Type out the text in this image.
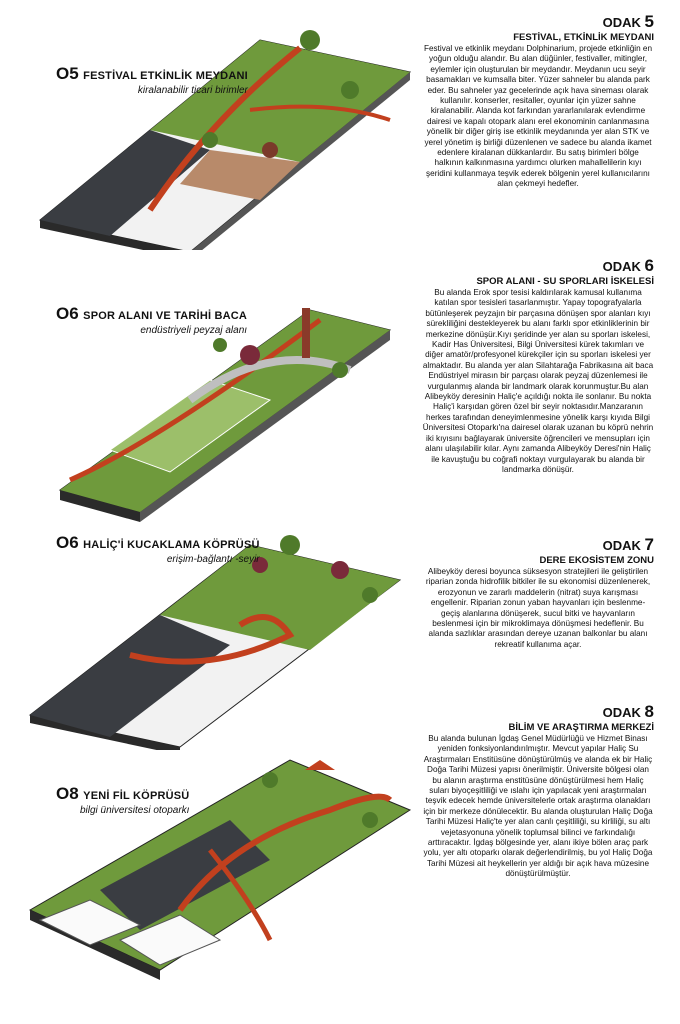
O5 FESTİVAL ETKİNLİK MEYDANI
kiralanabilir ticari birimler
ODAK 5
FESTİVAL, ETKİNLİK MEYDANI
Festival ve etkinlik meydanı Dolphinarium, projede etkinliğin en yoğun olduğu alandır. Bu alan düğünler, festivaller, mitingler, eylemler için oluşturulan bir meydandır. Meydanın ucu seyir basamakları ve kumsalla biter. Yüzer sahneler bu alanda park eder. Bu sahneler yaz gecelerinde açık hava sineması olarak kullanılır. konserler, resitaller, oyunlar için yüzer sahne kiralanabilir. Alanda kot farkından yararlanılarak evlendirme dairesi ve kapalı otopark alanı erel ekonominin canlanmasına yönelik bir diğer giriş ise etkinlik meydanında yer alan STK ve yerel yönetim iş birliği düzenlenen ve sadece bu alanda ikamet edenlere kiralanan dükkanlardır. Bu satış birimleri bölge halkının kalkınmasına yardımcı olurken mahallelilerin kıyı şeridini kullanmaya teşvik ederek bölgenin yerel kullanıcılarını alan çekmeyi hedefler.
O6 SPOR ALANI VE TARİHİ BACA
endüstriyeli peyzaj alanı
ODAK 6
SPOR ALANI - SU SPORLARI İSKELESİ
Bu alanda Erok spor tesisi kaldırılarak kamusal kullanıma katılan spor tesisleri tasarlanmıştır. Yapay topografyalarla bütünleşerek peyzajın bir parçasına dönüşen spor alanları kıyı sürekliliğini destekleyerek bu alanı farklı spor etkinliklerinin bir merkezine dönüşür.Kıyı şeridinde yer alan su sporları iskelesi, Kadir Has Üniversitesi, Bilgi Üniversitesi kürek takımları ve diğer amatör/profesyonel kürekçiler için su sporları iskelesi yer almaktadır. Bu alanda yer alan Silahtarağa Fabrikasına ait baca Endüstriyel mirasın bir parçası olarak peyzaj düzenlemesi ile vurgulanmış alanda bir landmark olarak korunmuştur.Bu alan Alibeyköy deresinin Haliç'e açıldığı nokta ile sonlanır. Bu nokta Haliç'i karşıdan gören özel bir seyir noktasıdır.Manzaranın herkes tarafından deneyimlenmesine yönelik karşı kıyıda Bilgi Üniversitesi Otoparkı'na dairesel olarak uzanan bu köprü nehrin iki kıyısını bağlayarak üniversite öğrencileri ve mensupları için alanı ulaşılabilir kılar. Aynı zamanda Alibeyköy Deresi'nin Haliç ile kavuştuğu bu coğrafi noktayı vurgulayarak bu alanda bir landmarka dönüşür.
O6 HALİÇ'İ KUCAKLAMA KÖPRÜSÜ
erişim-bağlantı -seyir
ODAK 7
DERE EKOSİSTEM ZONU
Alibeyköy deresi boyunca süksesyon stratejileri ile geliştirilen riparian zonda hidrofilik bitkiler ile su ekonomisi düzenlenerek, erozyonun ve zararlı maddelerin (nitrat) suya karışması engellenir. Riparian zonun yaban hayvanları için beslenme-geçiş alanlarına dönüşerek, sucul bitki ve hayvanların beslenmesi için bir mikroklimaya dönüşmesi hedeflenir. Bu alanda sazlıklar arasından dereye uzanan balkonlar bu alanı rekreatif kullanıma açar.
O8 YENİ FİL KÖPRÜSÜ
bilgi üniversitesi otoparkı
ODAK 8
BİLİM VE ARAŞTIRMA MERKEZİ
Bu alanda bulunan İgdaş Genel Müdürlüğü ve Hizmet Binası yeniden fonksiyonlandırılmıştır. Mevcut yapılar Haliç Su Araştırmaları Enstitüsüne dönüştürülmüş ve alanda ek bir Haliç Doğa Tarihi Müzesi yapısı önerilmiştir. Üniversite bölgesi olan bu alanın araştırma enstitüsüne dönüştürülmesi hem Haliç suları biyoçeşitliliği ve ıslahı için yapılacak yeni araştırmaları teşvik edecek hemde üniversitelerle ortak araştırma olanakları için bir merkeze dönülecektir. Bu alanda oluşturulan Haliç Doğa Tarihi Müzesi Haliç'te yer alan canlı çeşitliliği, su kirliliği, su altı vejetasyonuna yönelik toplumsal bilinci ve farkındalığı arttıracaktır. İgdaş bölgesinde yer, alanı ikiye bölen araç park yolu, yer altı otoparkı olarak değerlendirilmiş, bu yol Haliç Doğa Tarihi Müzesi ait heykellerin yer aldığı bir açık hava müzesine dönüştürülmüştür.
